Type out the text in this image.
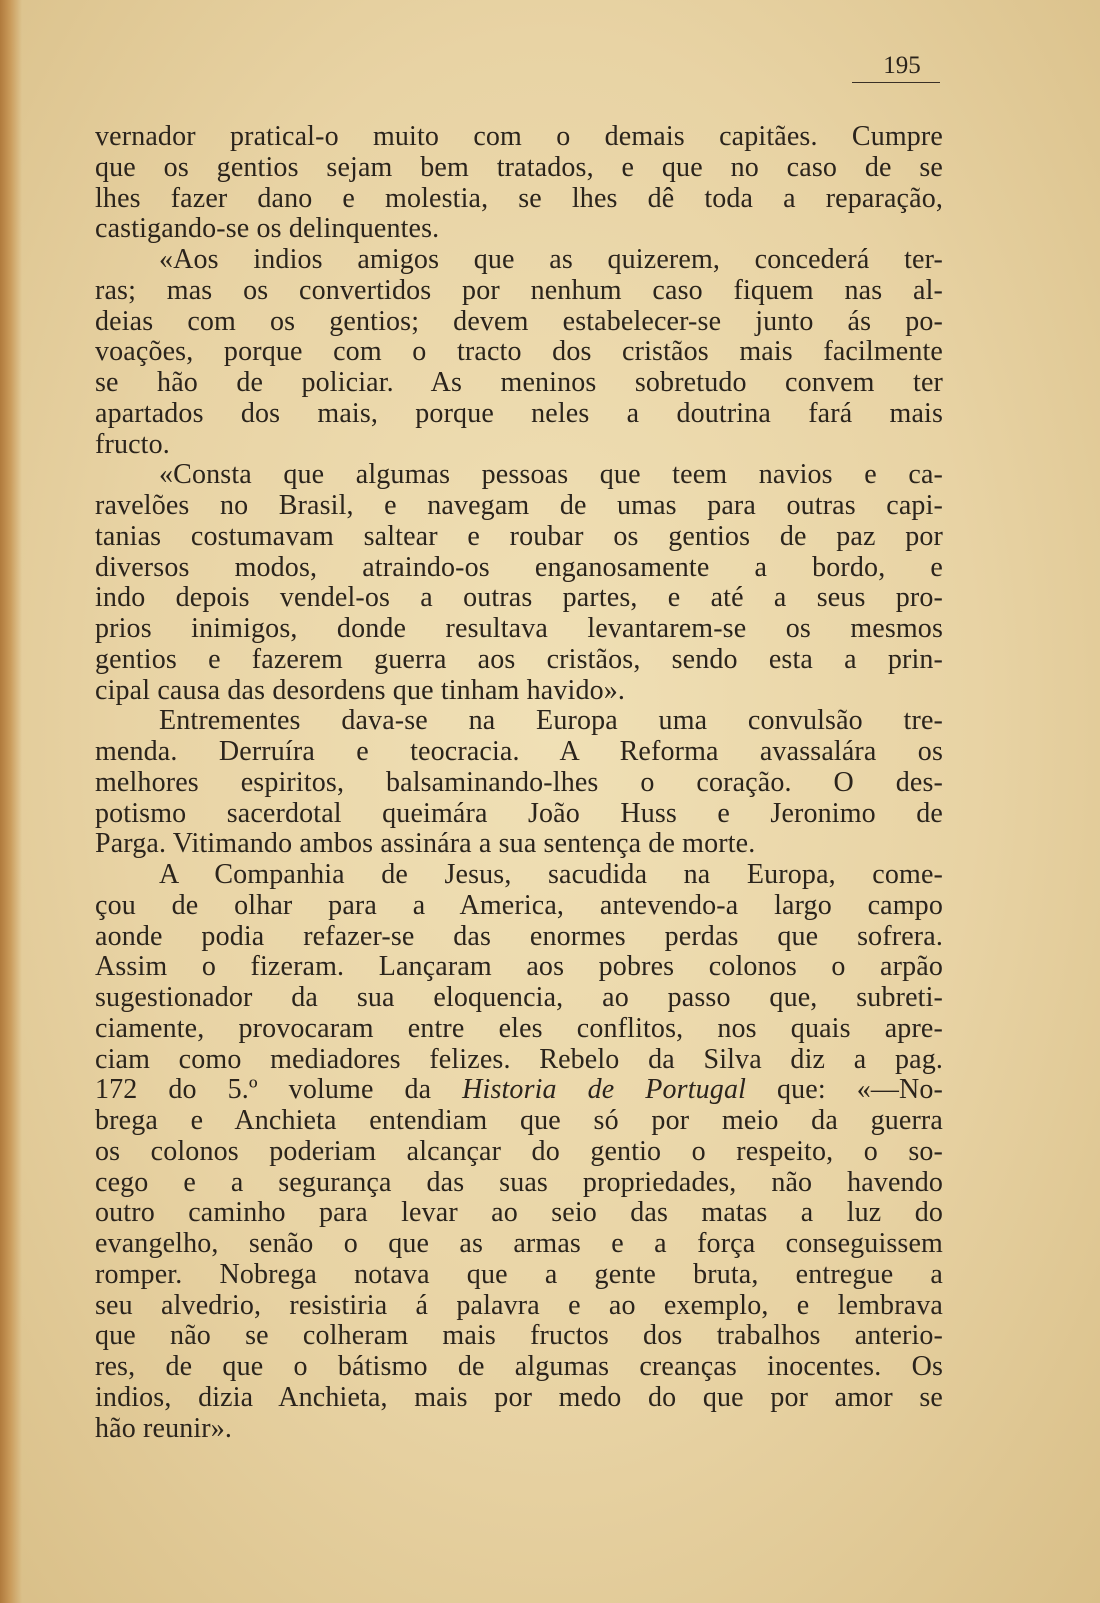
195
vernador pratical-o muito com o demais capitães. Cumpre
que os gentios sejam bem tratados, e que no caso de se
lhes fazer dano e molestia, se lhes dê toda a reparação,
castigando-se os delinquentes.
«Aos indios amigos que as quizerem, concederá ter-
ras; mas os convertidos por nenhum caso fiquem nas al-
deias com os gentios; devem estabelecer-se junto ás po-
voações, porque com o tracto dos cristãos mais facilmente
se hão de policiar. As meninos sobretudo convem ter
apartados dos mais, porque neles a doutrina fará mais
fructo.
«Consta que algumas pessoas que teem navios e ca-
ravelões no Brasil, e navegam de umas para outras capi-
tanias costumavam saltear e roubar os gentios de paz por
diversos modos, atraindo-os enganosamente a bordo, e
indo depois vendel-os a outras partes, e até a seus pro-
prios inimigos, donde resultava levantarem-se os mesmos
gentios e fazerem guerra aos cristãos, sendo esta a prin-
cipal causa das desordens que tinham havido».
Entrementes dava-se na Europa uma convulsão tre-
menda. Derruíra e teocracia. A Reforma avassalára os
melhores espiritos, balsaminando-lhes o coração. O des-
potismo sacerdotal queimára João Huss e Jeronimo de
Parga. Vitimando ambos assinára a sua sentença de morte.
A Companhia de Jesus, sacudida na Europa, come-
çou de olhar para a America, antevendo-a largo campo
aonde podia refazer-se das enormes perdas que sofrera.
Assim o fizeram. Lançaram aos pobres colonos o arpão
sugestionador da sua eloquencia, ao passo que, subreti-
ciamente, provocaram entre eles conflitos, nos quais apre-
ciam como mediadores felizes. Rebelo da Silva diz a pag.
172 do 5.º volume da Historia de Portugal que: «—No-
brega e Anchieta entendiam que só por meio da guerra
os colonos poderiam alcançar do gentio o respeito, o so-
cego e a segurança das suas propriedades, não havendo
outro caminho para levar ao seio das matas a luz do
evangelho, senão o que as armas e a força conseguissem
romper. Nobrega notava que a gente bruta, entregue a
seu alvedrio, resistiria á palavra e ao exemplo, e lembrava
que não se colheram mais fructos dos trabalhos anterio-
res, de que o bátismo de algumas creanças inocentes. Os
indios, dizia Anchieta, mais por medo do que por amor se
hão reunir».
